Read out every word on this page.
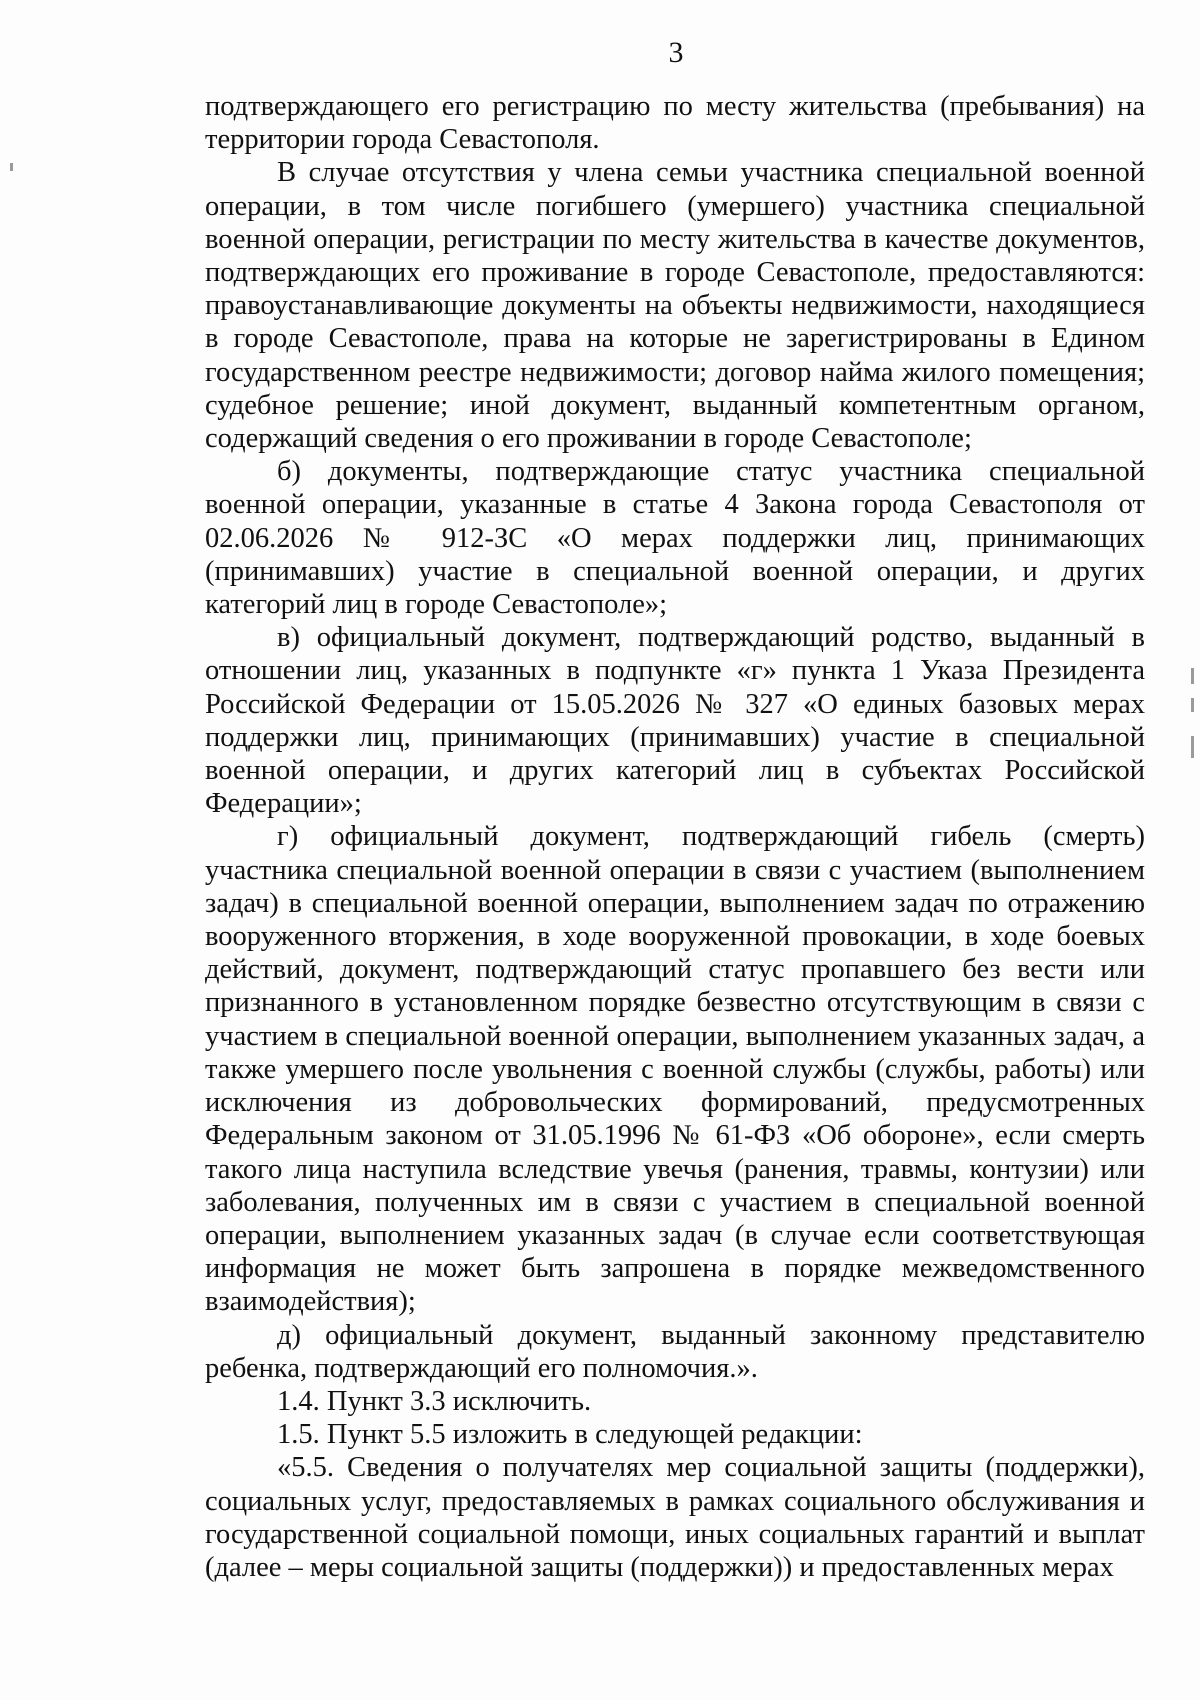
3

подтверждающего его регистрацию по месту жительства (пребывания) на территории города Севастополя.

В случае отсутствия у члена семьи участника специальной военной операции, в том числе погибшего (умершего) участника специальной военной операции, регистрации по месту жительства в качестве документов, подтверждающих его проживание в городе Севастополе, предоставляются: правоустанавливающие документы на объекты недвижимости, находящиеся в городе Севастополе, права на которые не зарегистрированы в Едином государственном реестре недвижимости; договор найма жилого помещения; судебное решение; иной документ, выданный компетентным органом, содержащий сведения о его проживании в городе Севастополе;

б) документы, подтверждающие статус участника специальной военной операции, указанные в статье 4 Закона города Севастополя от 02.06.2026 № 912-ЗС «О мерах поддержки лиц, принимающих (принимавших) участие в специальной военной операции, и других категорий лиц в городе Севастополе»;

в) официальный документ, подтверждающий родство, выданный в отношении лиц, указанных в подпункте «г» пункта 1 Указа Президента Российской Федерации от 15.05.2026 № 327 «О единых базовых мерах поддержки лиц, принимающих (принимавших) участие в специальной военной операции, и других категорий лиц в субъектах Российской Федерации»;

г) официальный документ, подтверждающий гибель (смерть) участника специальной военной операции в связи с участием (выполнением задач) в специальной военной операции, выполнением задач по отражению вооруженного вторжения, в ходе вооруженной провокации, в ходе боевых действий, документ, подтверждающий статус пропавшего без вести или признанного в установленном порядке безвестно отсутствующим в связи с участием в специальной военной операции, выполнением указанных задач, а также умершего после увольнения с военной службы (службы, работы) или исключения из добровольческих формирований, предусмотренных Федеральным законом от 31.05.1996 № 61-ФЗ «Об обороне», если смерть такого лица наступила вследствие увечья (ранения, травмы, контузии) или заболевания, полученных им в связи с участием в специальной военной операции, выполнением указанных задач (в случае если соответствующая информация не может быть запрошена в порядке межведомственного взаимодействия);

д) официальный документ, выданный законному представителю ребенка, подтверждающий его полномочия.».

1.4. Пункт 3.3 исключить.

1.5. Пункт 5.5 изложить в следующей редакции:

«5.5. Сведения о получателях мер социальной защиты (поддержки), социальных услуг, предоставляемых в рамках социального обслуживания и государственной социальной помощи, иных социальных гарантий и выплат (далее – меры социальной защиты (поддержки)) и предоставленных мерах
